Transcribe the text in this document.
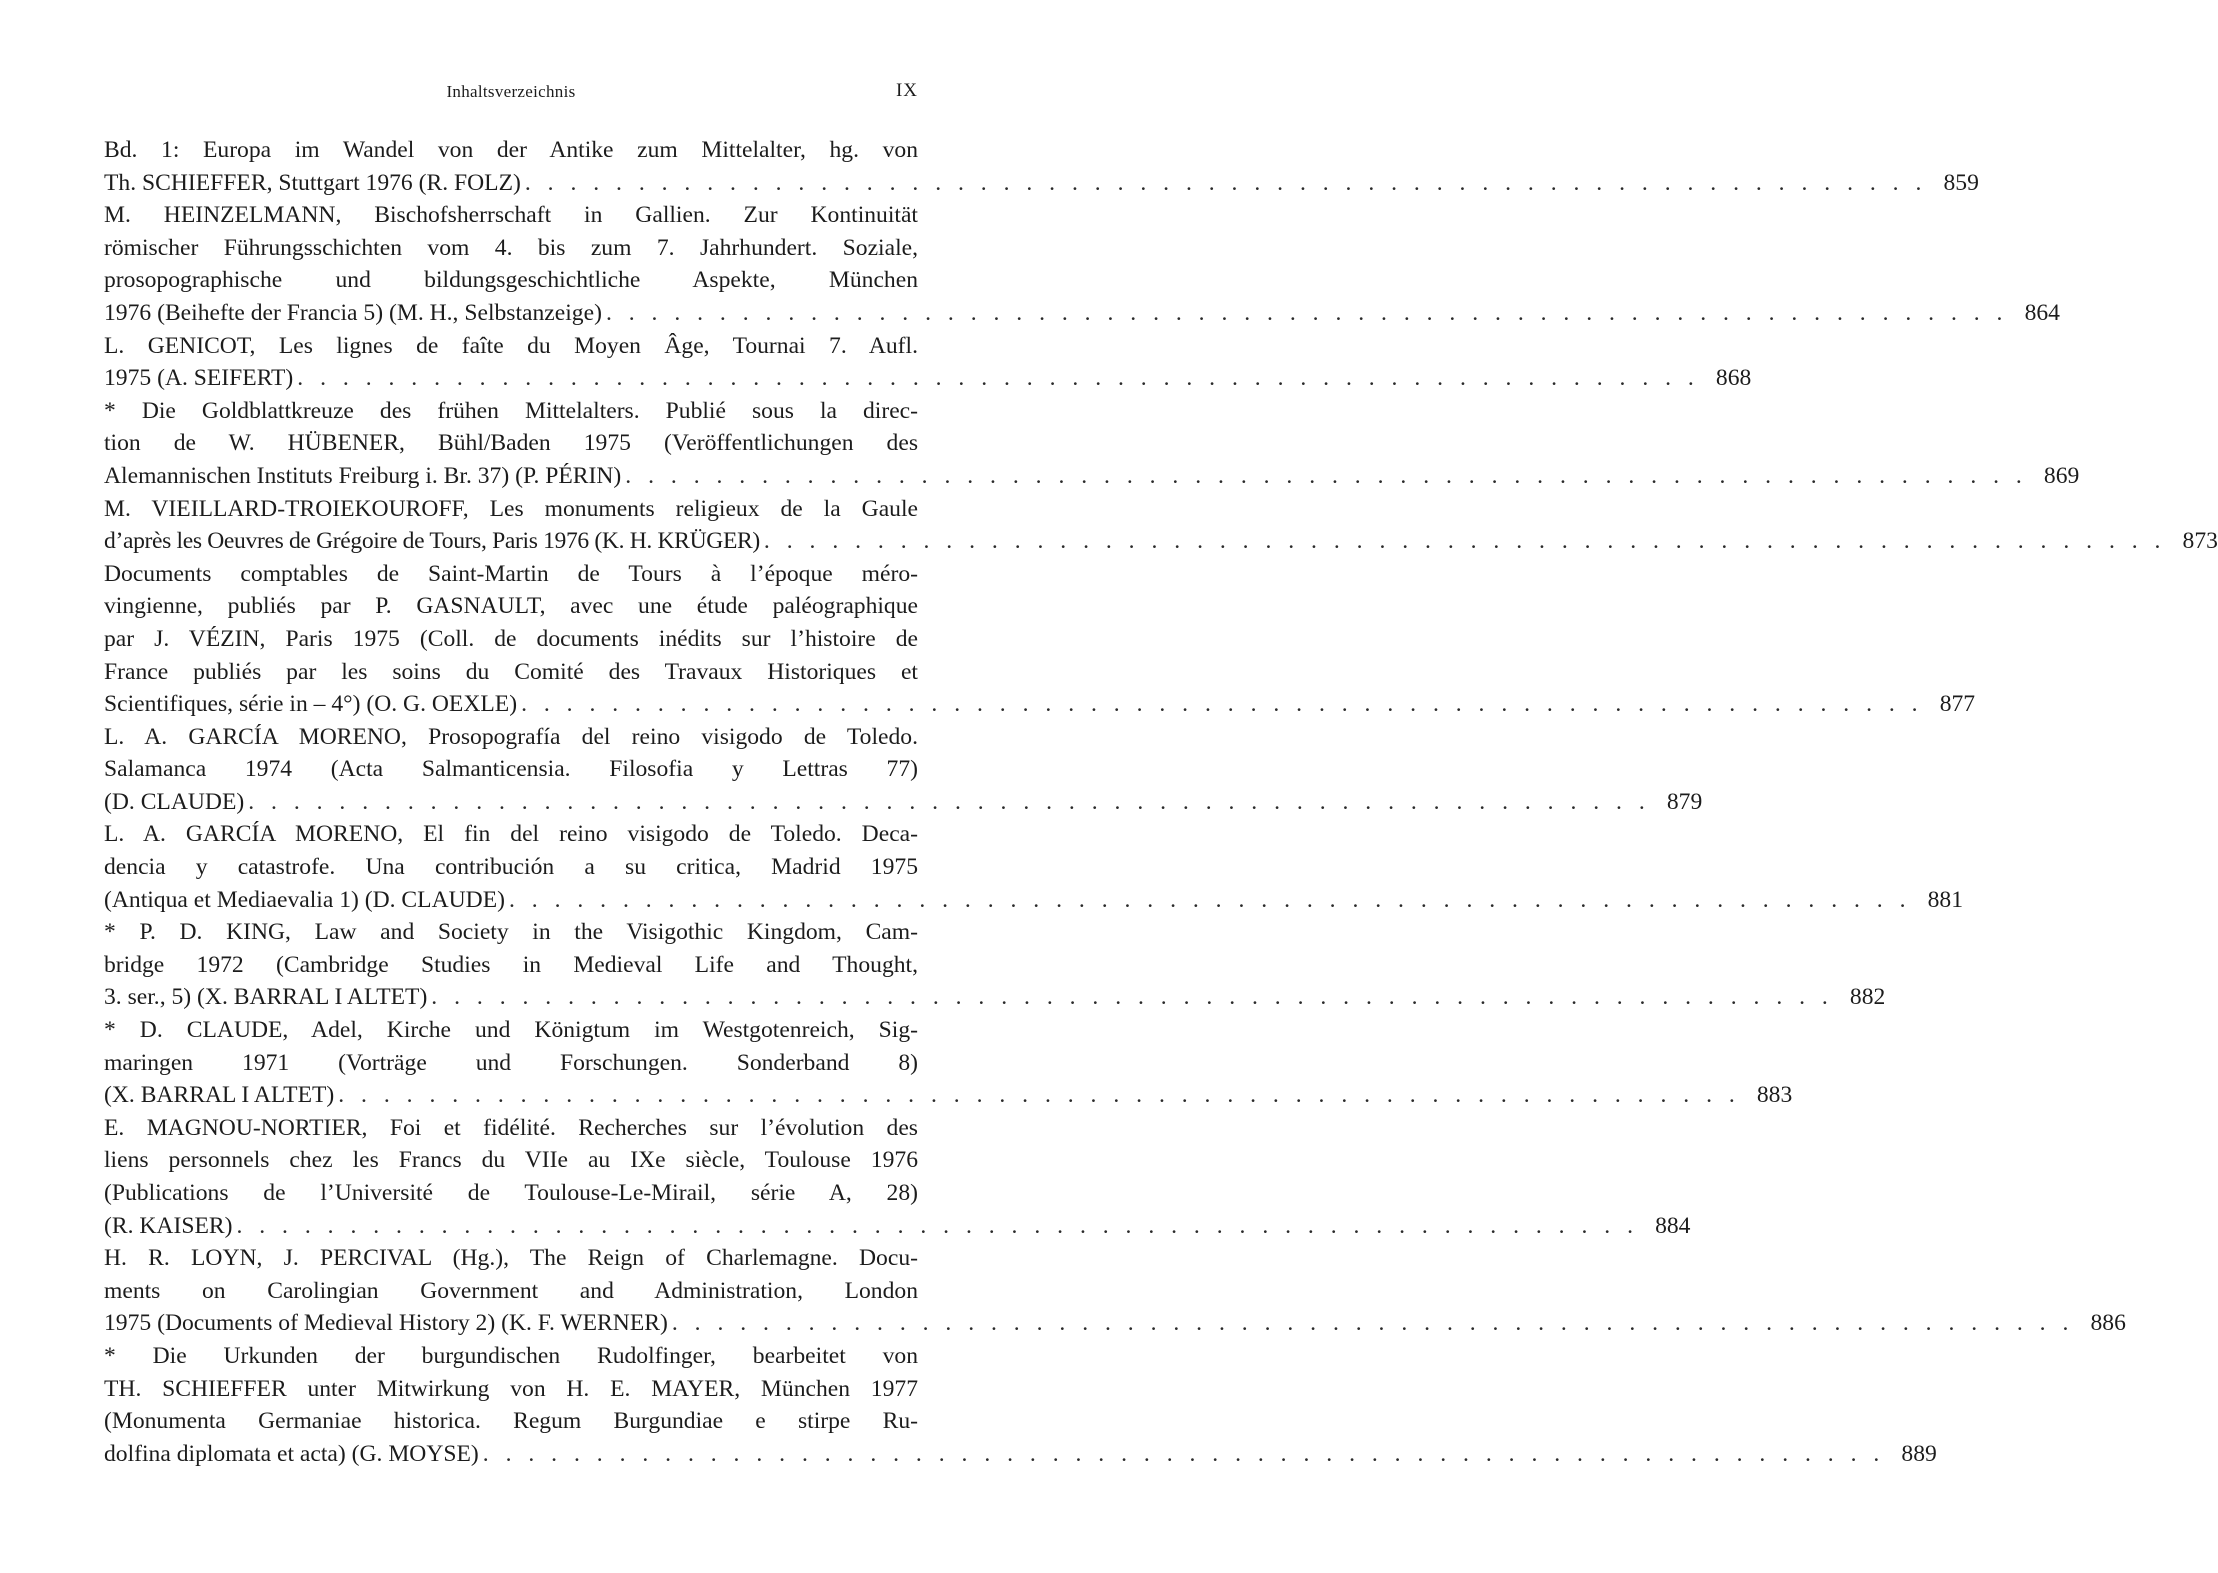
Inhaltsverzeichnis	IX
Bd. 1: Europa im Wandel von der Antike zum Mittelalter, hg. von
Th. SCHIEFFER, Stuttgart 1976 (R. FOLZ) . . . . . . . . . . . . . . . . . . . . . . . . . . . . . . . . . . . . . . . . . . . . . . . . . . . . . . . . . . . . . . 859
M. HEINZELMANN, Bischofsherrschaft in Gallien. Zur Kontinuität
römischer Führungsschichten vom 4. bis zum 7. Jahrhundert. Soziale,
prosopographische und bildungsgeschichtliche Aspekte, München
1976 (Beihefte der Francia 5) (M. H., Selbstanzeige) . . . . . . . . . . . . . . . . . . . . . . . . . . . . . . . . . . . . . . . . . . . . . . . . . . . . . . . . . . . . . . 864
L. GENICOT, Les lignes de faîte du Moyen Âge, Tournai 7. Aufl.
1975 (A. SEIFERT) . . . . . . . . . . . . . . . . . . . . . . . . . . . . . . . . . . . . . . . . . . . . . . . . . . . . . . . . . . . . . . 868
* Die Goldblattkreuze des frühen Mittelalters. Publié sous la direc-
tion de W. HÜBENER, Bühl/Baden 1975 (Veröffentlichungen des
Alemannischen Instituts Freiburg i. Br. 37) (P. PÉRIN) . . . . . . . . . . . . . . . . . . . . . . . . . . . . . . . . . . . . . . . . . . . . . . . . . . . . . . . . . . . . . . 869
M. VIEILLARD-TROIEKOUROFF, Les monuments religieux de la Gaule
d’après les Oeuvres de Grégoire de Tours, Paris 1976 (K. H. KRÜGER) . . . . . . . . . . . . . . . . . . . . . . . . . . . . . . . . . . . . . . . . . . . . . . . . . . . . . . . . . . . . . . 873
Documents comptables de Saint-Martin de Tours à l’époque méro-
vingienne, publiés par P. GASNAULT, avec une étude paléographique
par J. VÉZIN, Paris 1975 (Coll. de documents inédits sur l’histoire de
France publiés par les soins du Comité des Travaux Historiques et
Scientifiques, série in – 4°) (O. G. OEXLE) . . . . . . . . . . . . . . . . . . . . . . . . . . . . . . . . . . . . . . . . . . . . . . . . . . . . . . . . . . . . . . 877
L. A. GARCÍA MORENO, Prosopografía del reino visigodo de Toledo.
Salamanca 1974 (Acta Salmanticensia. Filosofia y Lettras 77)
(D. CLAUDE) . . . . . . . . . . . . . . . . . . . . . . . . . . . . . . . . . . . . . . . . . . . . . . . . . . . . . . . . . . . . . . 879
L. A. GARCÍA MORENO, El fin del reino visigodo de Toledo. Deca-
dencia y catastrofe. Una contribución a su critica, Madrid 1975
(Antiqua et Mediaevalia 1) (D. CLAUDE) . . . . . . . . . . . . . . . . . . . . . . . . . . . . . . . . . . . . . . . . . . . . . . . . . . . . . . . . . . . . . . 881
* P. D. KING, Law and Society in the Visigothic Kingdom, Cam-
bridge 1972 (Cambridge Studies in Medieval Life and Thought,
3. ser., 5) (X. BARRAL I ALTET) . . . . . . . . . . . . . . . . . . . . . . . . . . . . . . . . . . . . . . . . . . . . . . . . . . . . . . . . . . . . . . 882
* D. CLAUDE, Adel, Kirche und Königtum im Westgotenreich, Sig-
maringen 1971 (Vorträge und Forschungen. Sonderband 8)
(X. BARRAL I ALTET) . . . . . . . . . . . . . . . . . . . . . . . . . . . . . . . . . . . . . . . . . . . . . . . . . . . . . . . . . . . . . . 883
E. MAGNOU-NORTIER, Foi et fidélité. Recherches sur l’évolution des
liens personnels chez les Francs du VIIe au IXe siècle, Toulouse 1976
(Publications de l’Université de Toulouse-Le-Mirail, série A, 28)
(R. KAISER) . . . . . . . . . . . . . . . . . . . . . . . . . . . . . . . . . . . . . . . . . . . . . . . . . . . . . . . . . . . . . . 884
H. R. LOYN, J. PERCIVAL (Hg.), The Reign of Charlemagne. Docu-
ments on Carolingian Government and Administration, London
1975 (Documents of Medieval History 2) (K. F. WERNER) . . . . . . . . . . . . . . . . . . . . . . . . . . . . . . . . . . . . . . . . . . . . . . . . . . . . . . . . . . . . . . 886
* Die Urkunden der burgundischen Rudolfinger, bearbeitet von
TH. SCHIEFFER unter Mitwirkung von H. E. MAYER, München 1977
(Monumenta Germaniae historica. Regum Burgundiae e stirpe Ru-
dolfina diplomata et acta) (G. MOYSE) . . . . . . . . . . . . . . . . . . . . . . . . . . . . . . . . . . . . . . . . . . . . . . . . . . . . . . . . . . . . . . 889
